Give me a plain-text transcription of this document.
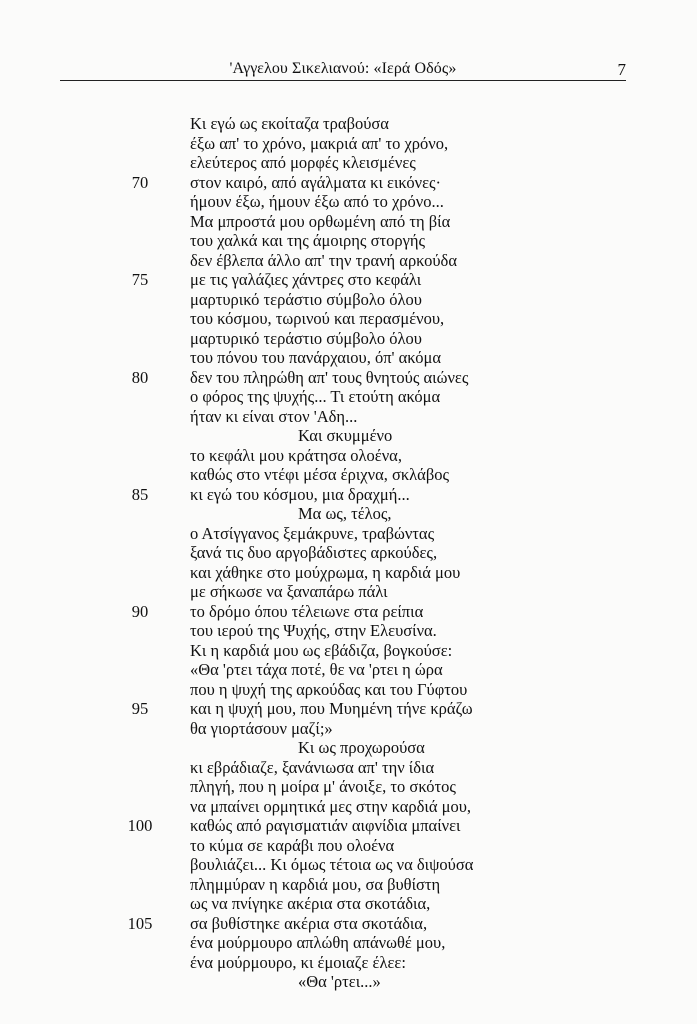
'Αγγελου Σικελιανού: «Ιερά Οδός»	7
Κι εγώ ως εκοίταζα τραβούσα
έξω απ' το χρόνο, μακριά απ' το χρόνο,
ελεύτερος από μορφές κλεισμένες
70	στον καιρό, από αγάλματα κι εικόνες·
ήμουν έξω, ήμουν έξω από το χρόνο...
Μα μπροστά μου ορθωμένη από τη βία
του χαλκά και της άμοιρης στοργής
δεν έβλεπα άλλο απ' την τρανή αρκούδα
75	με τις γαλάζιες χάντρες στο κεφάλι
μαρτυρικό τεράστιο σύμβολο όλου
του κόσμου, τωρινού και περασμένου,
μαρτυρικό τεράστιο σύμβολο όλου
του πόνου του πανάρχαιου, όπ' ακόμα
80	δεν του πληρώθη απ' τους θνητούς αιώνες
ο φόρος της ψυχής... Τι ετούτη ακόμα
ήταν κι είναι στον 'Αδη...
Και σκυμμένο
το κεφάλι μου κράτησα ολοένα,
καθώς στο ντέφι μέσα έριχνα, σκλάβος
85	κι εγώ του κόσμου, μια δραχμή...
Μα ως, τέλος,
ο Ατσίγγανος ξεμάκρυνε, τραβώντας
ξανά τις δυο αργοβάδιστες αρκούδες,
και χάθηκε στο μούχρωμα, η καρδιά μου
με σήκωσε να ξαναπάρω πάλι
90	το δρόμο όπου τέλειωνε στα ρείπια
του ιερού της Ψυχής, στην Ελευσίνα.
Κι η καρδιά μου ως εβάδιζα, βογκούσε:
«Θα 'ρτει τάχα ποτέ, θε να 'ρτει η ώρα
που η ψυχή της αρκούδας και του Γύφτου
95	και η ψυχή μου, που Μυημένη τήνε κράζω
θα γιορτάσουν μαζί;»
Κι ως προχωρούσα
κι εβράδιαζε, ξανάνιωσα απ' την ίδια
πληγή, που η μοίρα μ' άνοιξε, το σκότος
να μπαίνει ορμητικά μες στην καρδιά μου,
100	καθώς από ραγισματιάν αιφνίδια μπαίνει
το κύμα σε καράβι που ολοένα
βουλιάζει... Κι όμως τέτοια ως να διψούσα
πλημμύραν η καρδιά μου, σα βυθίστη
ως να πνίγηκε ακέρια στα σκοτάδια,
105	σα βυθίστηκε ακέρια στα σκοτάδια,
ένα μούρμουρο απλώθη απάνωθέ μου,
ένα μούρμουρο, κι έμοιαζε έλεε:
«Θα 'ρτει...»
